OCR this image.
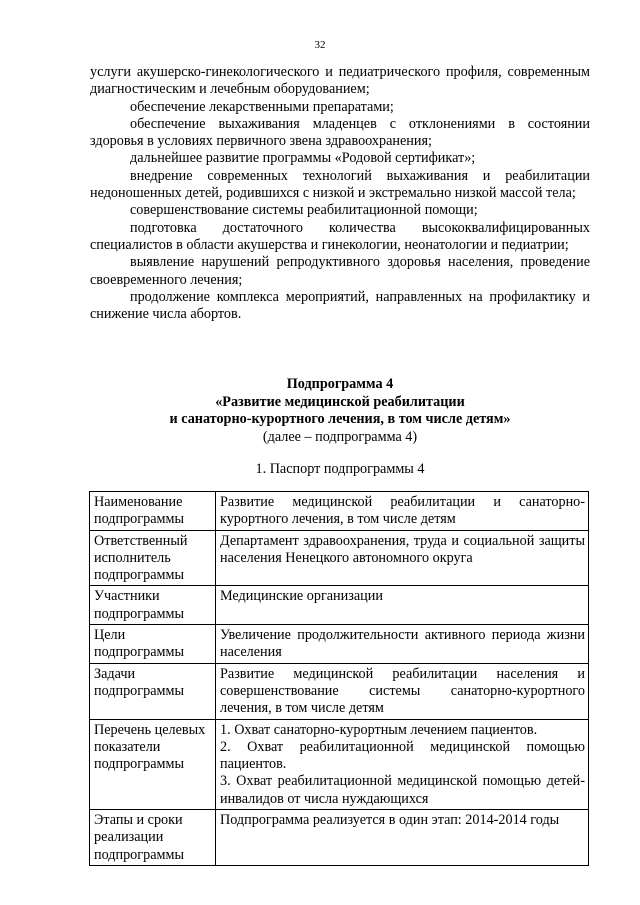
32

услуги акушерско-гинекологического и педиатрического профиля, современным диагностическим и лечебным оборудованием;

обеспечение лекарственными препаратами;

обеспечение выхаживания младенцев с отклонениями в состоянии здоровья в условиях первичного звена здравоохранения;

дальнейшее развитие программы «Родовой сертификат»;

внедрение современных технологий выхаживания и реабилитации недоношенных детей, родившихся с низкой и экстремально низкой массой тела;

совершенствование системы реабилитационной помощи;

подготовка достаточного количества высококвалифицированных специалистов в области акушерства и гинекологии, неонатологии и педиатрии;

выявление нарушений репродуктивного здоровья населения, проведение своевременного лечения;

продолжение комплекса мероприятий, направленных на профилактику и снижение числа абортов.

Подпрограмма 4
«Развитие медицинской реабилитации
и санаторно-курортного лечения, в том числе детям»
(далее – подпрограмма 4)
1. Паспорт подпрограммы 4
Наименование подпрограммы	Развитие медицинской реабилитации и санаторно-курортного лечения, в том числе детям

Ответственный исполнитель подпрограммы	Департамент здравоохранения, труда и социальной защиты населения Ненецкого автономного округа

Участники подпрограммы	Медицинские организации

Цели подпрограммы	Увеличение продолжительности активного периода жизни населения

Задачи подпрограммы	Развитие медицинской реабилитации населения и совершенствование системы санаторно-курортного лечения, в том числе детям

Перечень целевых показатели подпрограммы	1. Охват санаторно-курортным лечением пациентов.
2. Охват реабилитационной медицинской помощью пациентов.
3. Охват реабилитационной медицинской помощью детей-инвалидов от числа нуждающихся

Этапы и сроки реализации подпрограммы	Подпрограмма реализуется в один этап: 2014-2014 годы
